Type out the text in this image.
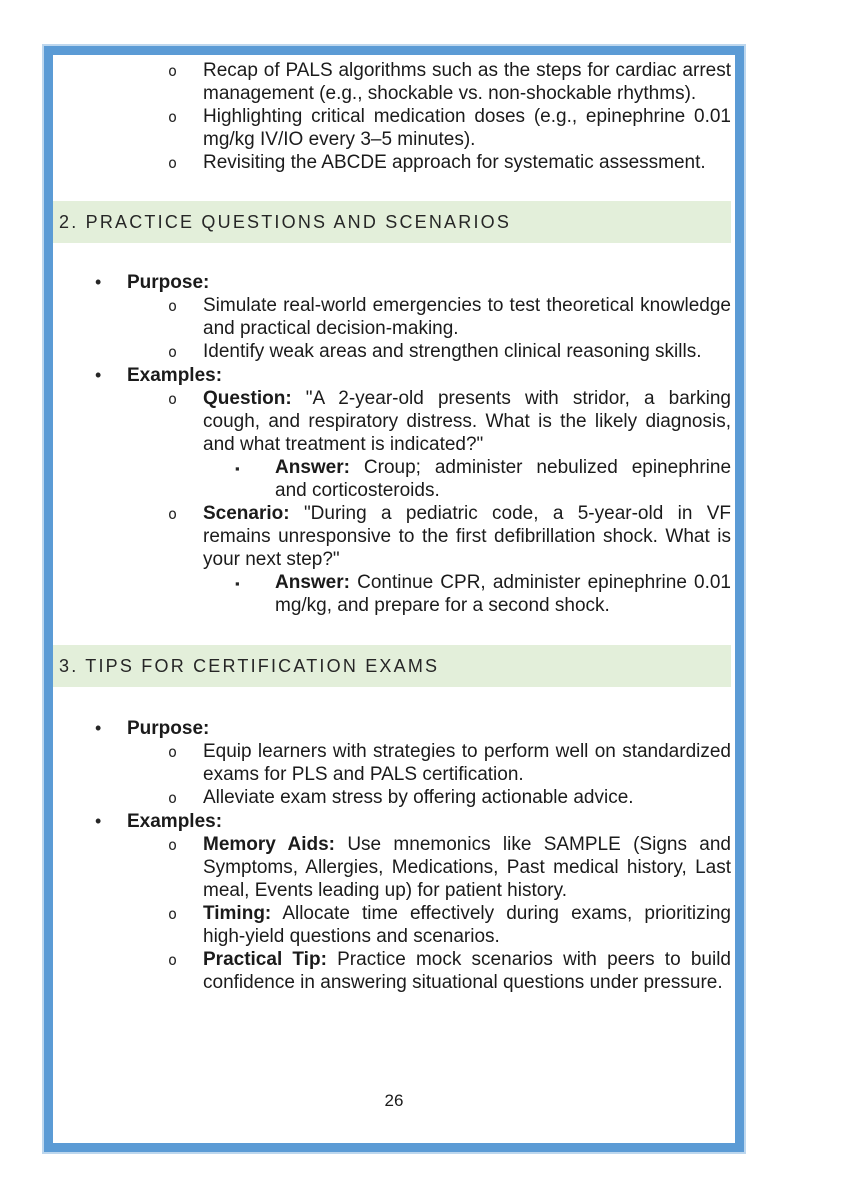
o	Recap of PALS algorithms such as the steps for cardiac arrest management (e.g., shockable vs. non-shockable rhythms).
o	Highlighting critical medication doses (e.g., epinephrine 0.01 mg/kg IV/IO every 3–5 minutes).
o	Revisiting the ABCDE approach for systematic assessment.
2. PRACTICE QUESTIONS AND SCENARIOS
•	Purpose:
o	Simulate real-world emergencies to test theoretical knowledge and practical decision-making.
o	Identify weak areas and strengthen clinical reasoning skills.
•	Examples:
o	Question: "A 2-year-old presents with stridor, a barking cough, and respiratory distress. What is the likely diagnosis, and what treatment is indicated?"
▪	Answer: Croup; administer nebulized epinephrine and corticosteroids.
o	Scenario: "During a pediatric code, a 5-year-old in VF remains unresponsive to the first defibrillation shock. What is your next step?"
▪	Answer: Continue CPR, administer epinephrine 0.01 mg/kg, and prepare for a second shock.
3. TIPS FOR CERTIFICATION EXAMS
•	Purpose:
o	Equip learners with strategies to perform well on standardized exams for PLS and PALS certification.
o	Alleviate exam stress by offering actionable advice.
•	Examples:
o	Memory Aids: Use mnemonics like SAMPLE (Signs and Symptoms, Allergies, Medications, Past medical history, Last meal, Events leading up) for patient history.
o	Timing: Allocate time effectively during exams, prioritizing high-yield questions and scenarios.
o	Practical Tip: Practice mock scenarios with peers to build confidence in answering situational questions under pressure.
26
